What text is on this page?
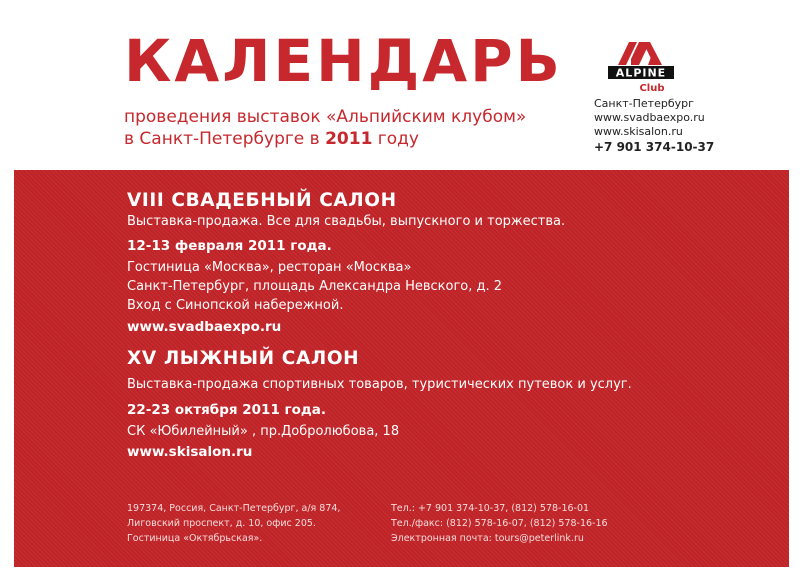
КАЛЕНДАРЬ
проведения выставок «Альпийским клубом»
в Санкт-Петербурге в 2011 году
ALPINE
Club
Санкт-Петербург
www.svadbaexpo.ru
www.skisalon.ru
+7 901 374-10-37
VIII СВАДЕБНЫЙ САЛОН
Выставка-продажа. Все для свадьбы, выпускного и торжества.
12-13 февраля 2011 года.
Гостиница «Москва», ресторан «Москва»
Санкт-Петербург, площадь Александра Невского, д. 2
Вход с Синопской набережной.
www.svadbaexpo.ru
XV ЛЫЖНЫЙ САЛОН
Выставка-продажа спортивных товаров, туристических путевок и услуг.
22-23 октября 2011 года.
СК «Юбилейный» , пр.Добролюбова, 18
www.skisalon.ru
197374, Россия, Санкт-Петербург, а/я 874,
Лиговский проспект, д. 10, офис 205.
Гостиница «Октябрьская».
Тел.: +7 901 374-10-37, (812) 578-16-01
Тел./факс: (812) 578-16-07, (812) 578-16-16
Электронная почта: tours@peterlink.ru
